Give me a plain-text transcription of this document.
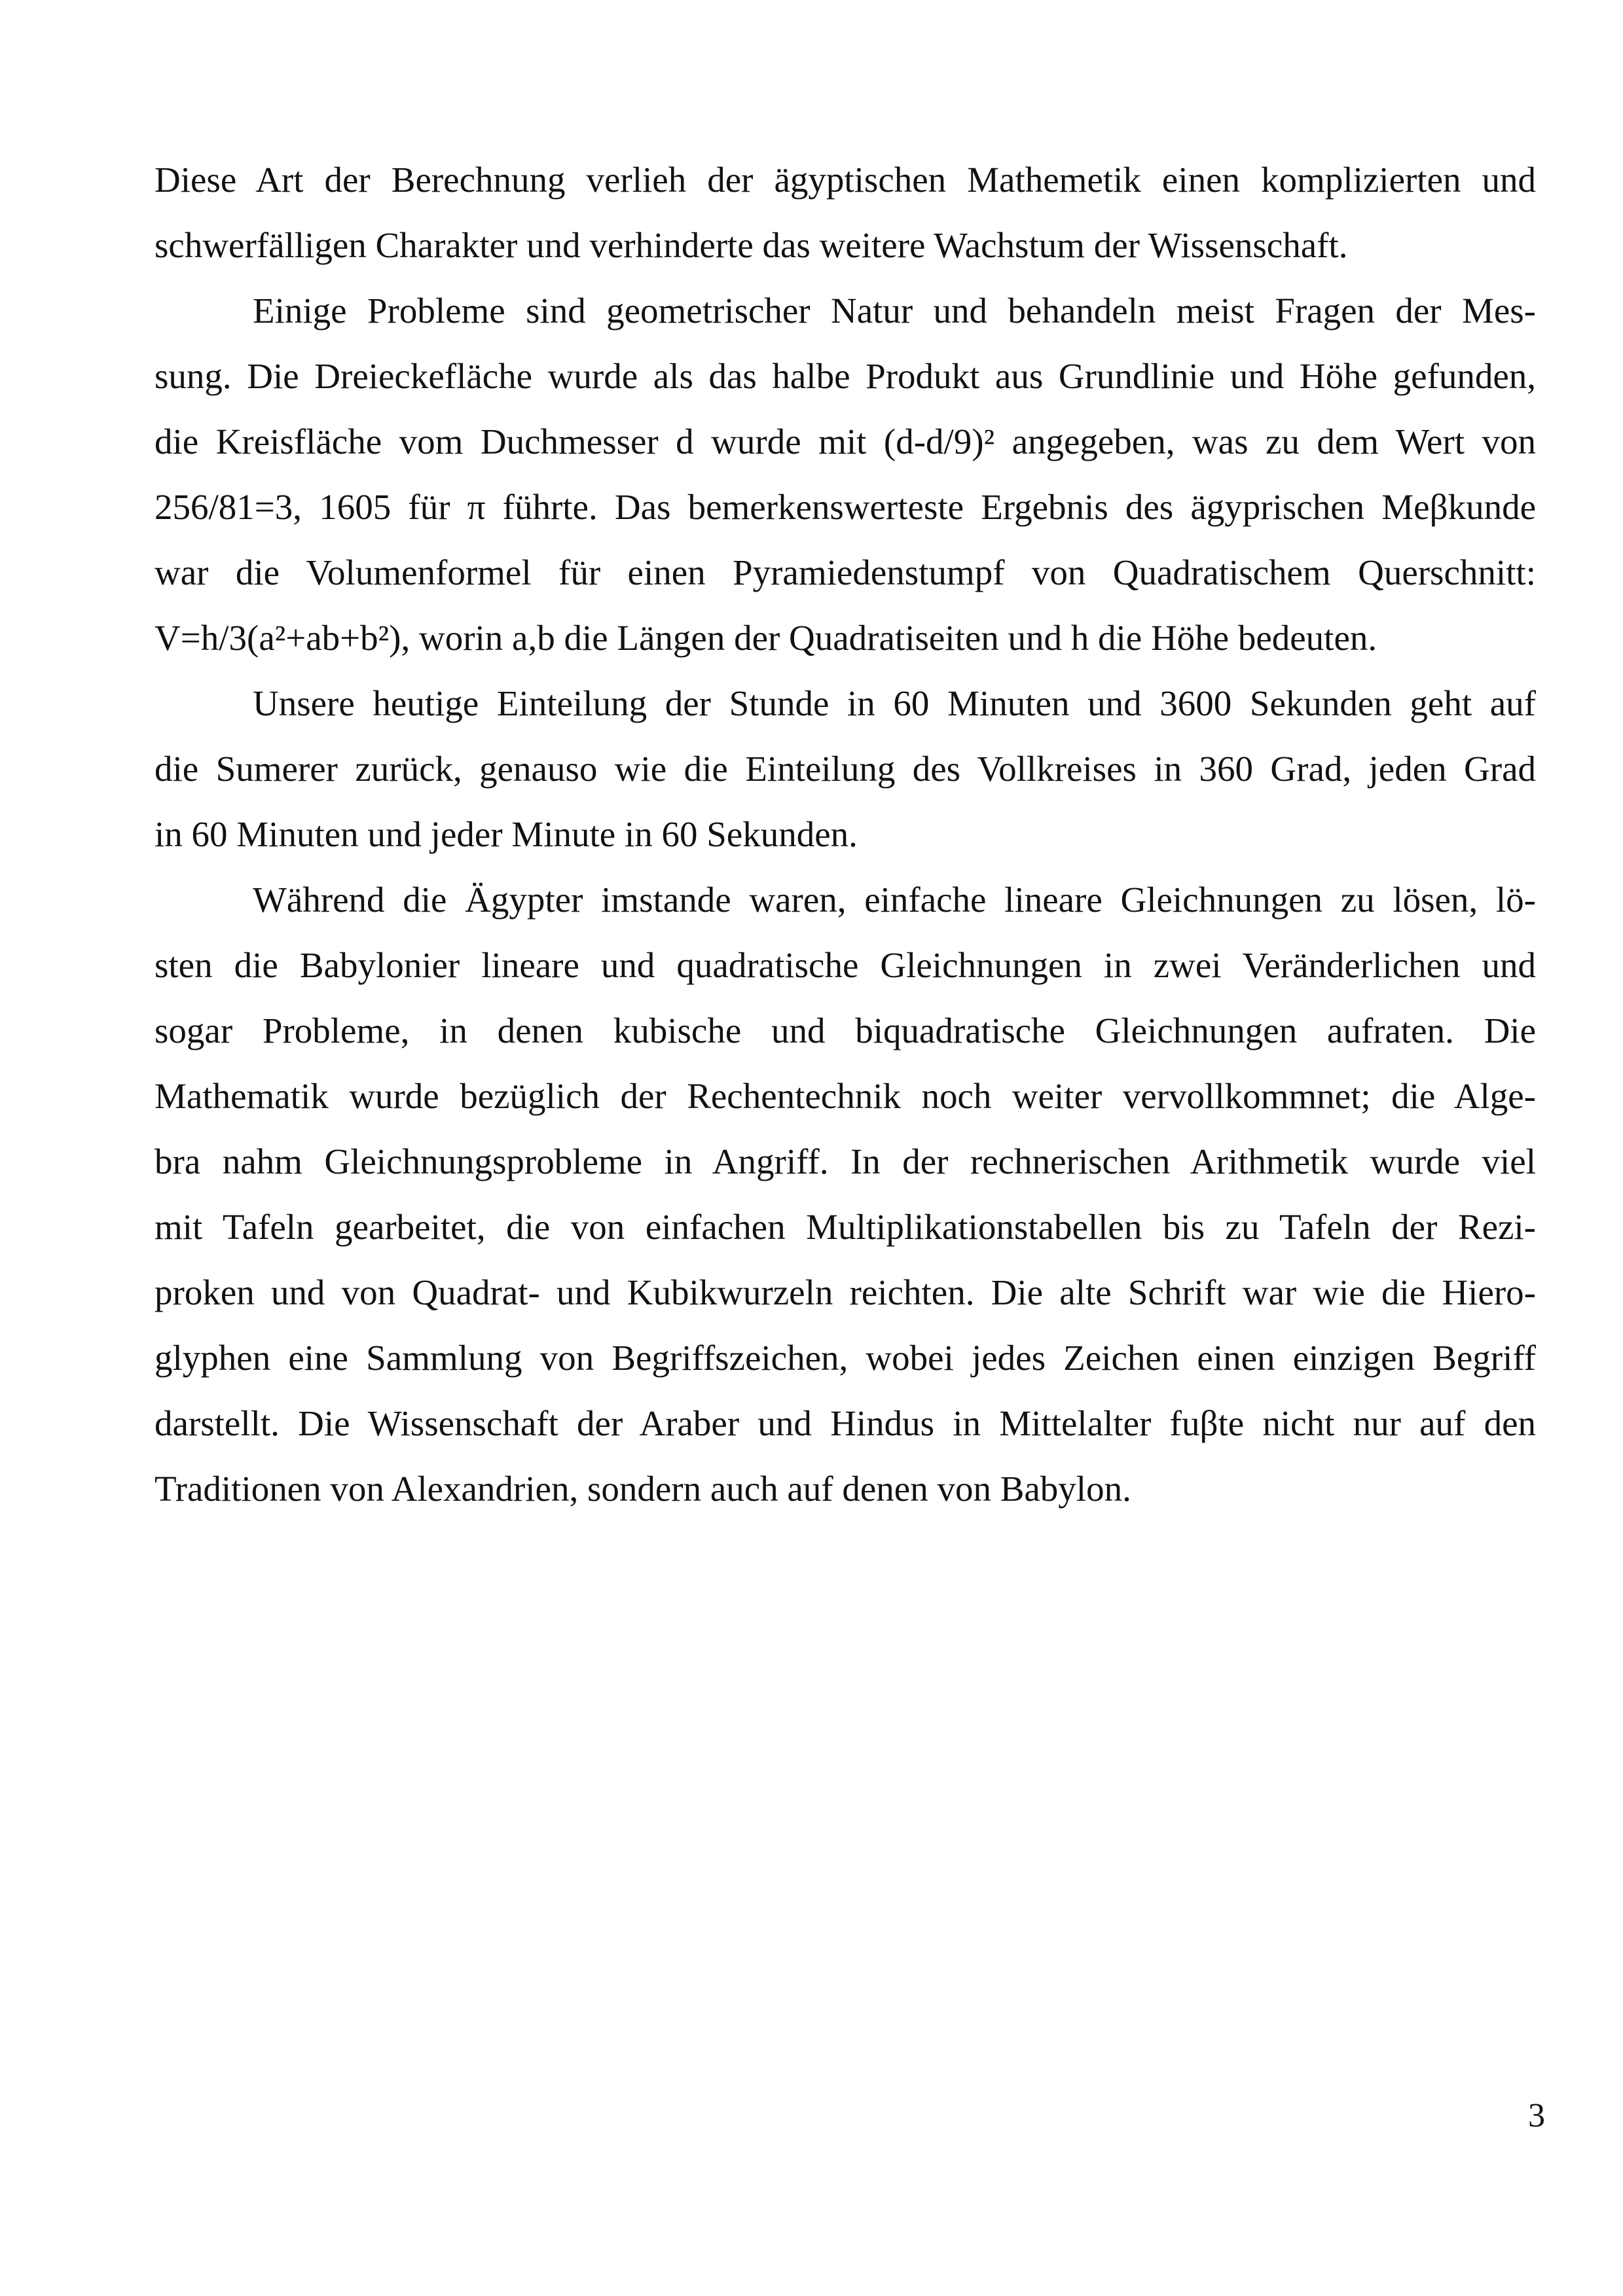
Diese Art der Berechnung verlieh der ägyptischen Mathemetik einen komplizierten und
schwerfälligen Charakter und verhinderte das weitere Wachstum der Wissenschaft.
Einige Probleme sind geometrischer Natur und behandeln meist Fragen der Mes-
sung. Die Dreieckefläche wurde als das halbe Produkt aus Grundlinie und Höhe gefunden,
die Kreisfläche vom Duchmesser d wurde mit (d-d/9)² angegeben, was zu dem Wert von
256/81=3, 1605 für π führte. Das bemerkenswerteste Ergebnis des ägyprischen Meβkunde
war die Volumenformel für einen Pyramiedenstumpf von Quadratischem Querschnitt:
V=h/3(a²+ab+b²), worin a,b die Längen der Quadratiseiten und h die Höhe bedeuten.
Unsere heutige Einteilung der Stunde in 60 Minuten und 3600 Sekunden geht auf
die Sumerer zurück, genauso wie die Einteilung des Vollkreises in 360 Grad, jeden Grad
in 60 Minuten und jeder Minute in 60 Sekunden.
Während die Ägypter imstande waren, einfache lineare Gleichnungen zu lösen, lö-
sten die Babylonier lineare und quadratische Gleichnungen in zwei Veränderlichen und
sogar Probleme, in denen kubische und biquadratische Gleichnungen aufraten. Die
Mathematik wurde bezüglich der Rechentechnik noch weiter vervollkommnet; die Alge-
bra nahm Gleichnungsprobleme in Angriff. In der rechnerischen Arithmetik wurde viel
mit Tafeln gearbeitet, die von einfachen Multiplikationstabellen bis zu Tafeln der Rezi-
proken und von Quadrat- und Kubikwurzeln reichten. Die alte Schrift war wie die Hiero-
glyphen eine Sammlung von Begriffszeichen, wobei jedes Zeichen einen einzigen Begriff
darstellt. Die Wissenschaft der Araber und Hindus in Mittelalter fuβte nicht nur auf den
Traditionen von Alexandrien, sondern auch auf denen von Babylon.
3
